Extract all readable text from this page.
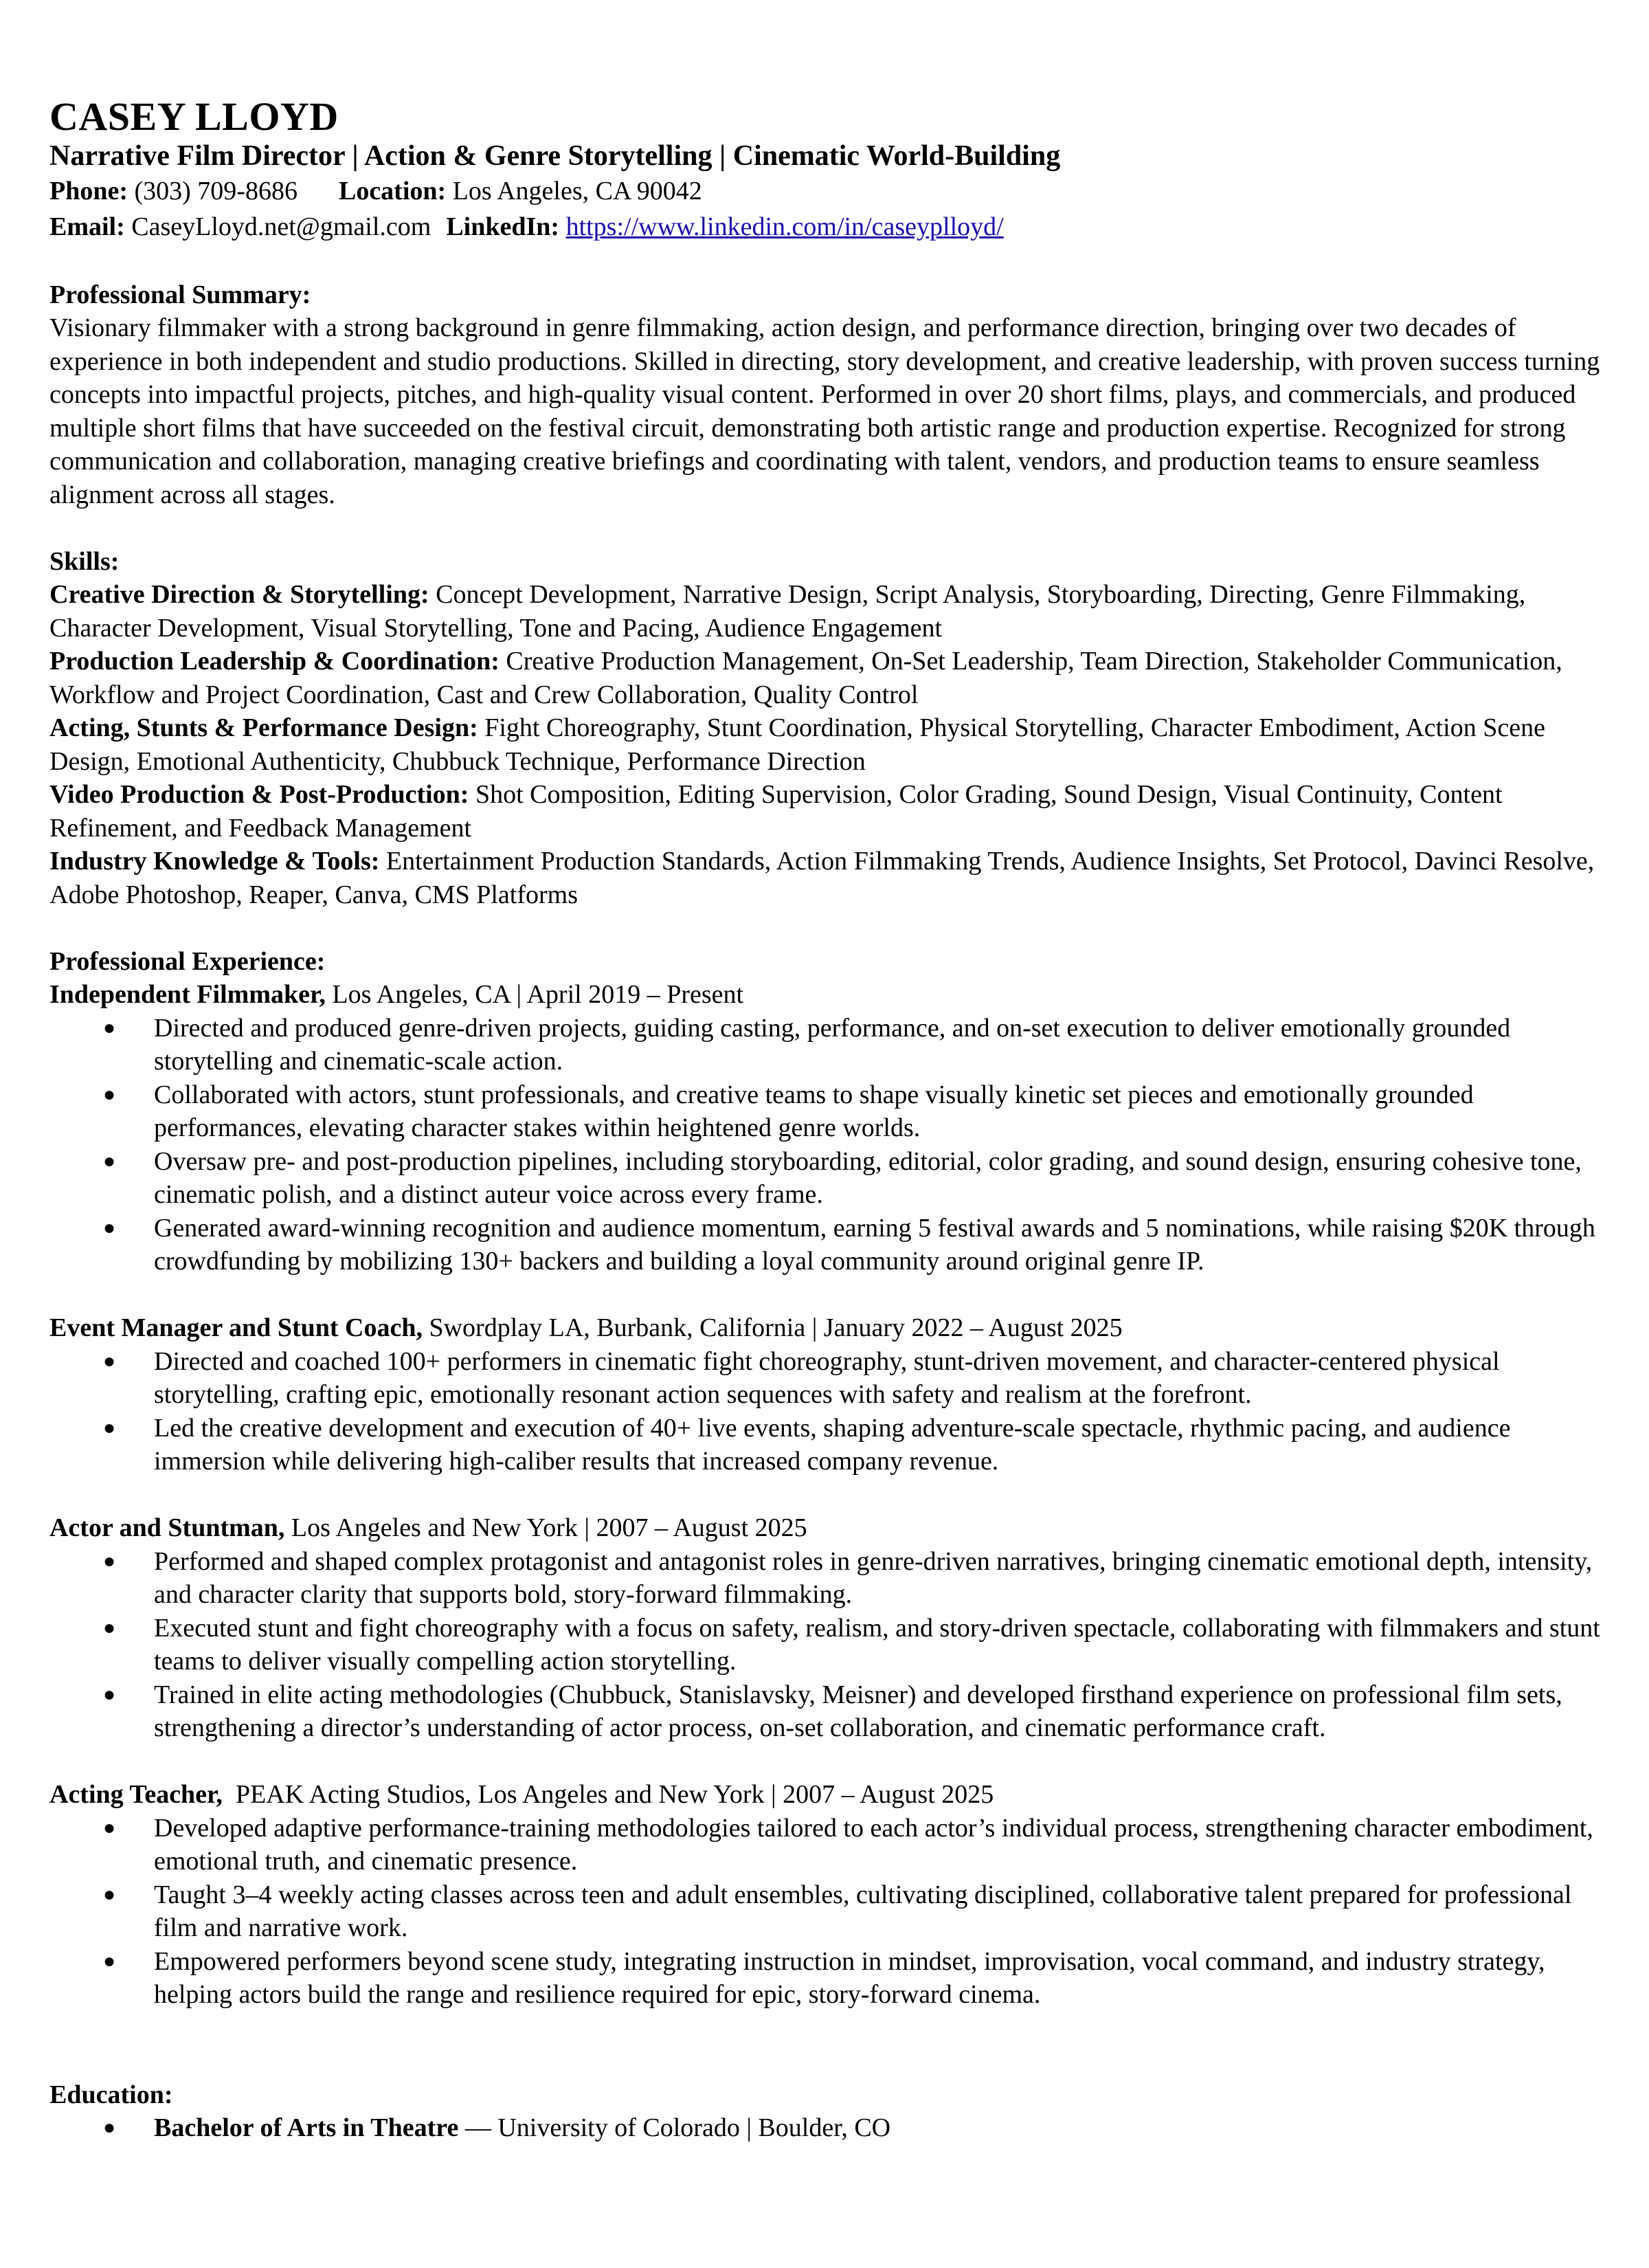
CASEY LLOYD
Narrative Film Director | Action & Genre Storytelling | Cinematic World-Building
Phone: (303) 709-8686 Location: Los Angeles, CA 90042
Email: CaseyLloyd.net@gmail.com LinkedIn: https://www.linkedin.com/in/caseyplloyd/
Professional Summary:

Visionary filmmaker with a strong background in genre filmmaking, action design, and performance direction, bringing over two decades of experience in both independent and studio productions. Skilled in directing, story development, and creative leadership, with proven success turning concepts into impactful projects, pitches, and high-quality visual content. Performed in over 20 short films, plays, and commercials, and produced multiple short films that have succeeded on the festival circuit, demonstrating both artistic range and production expertise. Recognized for strong communication and collaboration, managing creative briefings and coordinating with talent, vendors, and production teams to ensure seamless alignment across all stages.

Skills:

Creative Direction & Storytelling: Concept Development, Narrative Design, Script Analysis, Storyboarding, Directing, Genre Filmmaking, Character Development, Visual Storytelling, Tone and Pacing, Audience Engagement

Production Leadership & Coordination: Creative Production Management, On-Set Leadership, Team Direction, Stakeholder Communication, Workflow and Project Coordination, Cast and Crew Collaboration, Quality Control

Acting, Stunts & Performance Design: Fight Choreography, Stunt Coordination, Physical Storytelling, Character Embodiment, Action Scene Design, Emotional Authenticity, Chubbuck Technique, Performance Direction

Video Production & Post-Production: Shot Composition, Editing Supervision, Color Grading, Sound Design, Visual Continuity, Content Refinement, and Feedback Management

Industry Knowledge & Tools: Entertainment Production Standards, Action Filmmaking Trends, Audience Insights, Set Protocol, Davinci Resolve, Adobe Photoshop, Reaper, Canva, CMS Platforms

Professional Experience:

Independent Filmmaker, Los Angeles, CA | April 2019 – Present

● Directed and produced genre-driven projects, guiding casting, performance, and on-set execution to deliver emotionally grounded storytelling and cinematic-scale action.
● Collaborated with actors, stunt professionals, and creative teams to shape visually kinetic set pieces and emotionally grounded performances, elevating character stakes within heightened genre worlds.
● Oversaw pre- and post-production pipelines, including storyboarding, editorial, color grading, and sound design, ensuring cohesive tone, cinematic polish, and a distinct auteur voice across every frame.
● Generated award-winning recognition and audience momentum, earning 5 festival awards and 5 nominations, while raising $20K through crowdfunding by mobilizing 130+ backers and building a loyal community around original genre IP.

Event Manager and Stunt Coach, Swordplay LA, Burbank, California | January 2022 – August 2025

● Directed and coached 100+ performers in cinematic fight choreography, stunt-driven movement, and character-centered physical storytelling, crafting epic, emotionally resonant action sequences with safety and realism at the forefront.
● Led the creative development and execution of 40+ live events, shaping adventure-scale spectacle, rhythmic pacing, and audience immersion while delivering high-caliber results that increased company revenue.

Actor and Stuntman, Los Angeles and New York | 2007 – August 2025

● Performed and shaped complex protagonist and antagonist roles in genre-driven narratives, bringing cinematic emotional depth, intensity, and character clarity that supports bold, story-forward filmmaking.
● Executed stunt and fight choreography with a focus on safety, realism, and story-driven spectacle, collaborating with filmmakers and stunt teams to deliver visually compelling action storytelling.
● Trained in elite acting methodologies (Chubbuck, Stanislavsky, Meisner) and developed firsthand experience on professional film sets, strengthening a director’s understanding of actor process, on-set collaboration, and cinematic performance craft.

Acting Teacher, PEAK Acting Studios, Los Angeles and New York | 2007 – August 2025

● Developed adaptive performance-training methodologies tailored to each actor’s individual process, strengthening character embodiment, emotional truth, and cinematic presence.
● Taught 3–4 weekly acting classes across teen and adult ensembles, cultivating disciplined, collaborative talent prepared for professional film and narrative work.
● Empowered performers beyond scene study, integrating instruction in mindset, improvisation, vocal command, and industry strategy, helping actors build the range and resilience required for epic, story-forward cinema.
Education:
● Bachelor of Arts in Theatre — University of Colorado | Boulder, CO
